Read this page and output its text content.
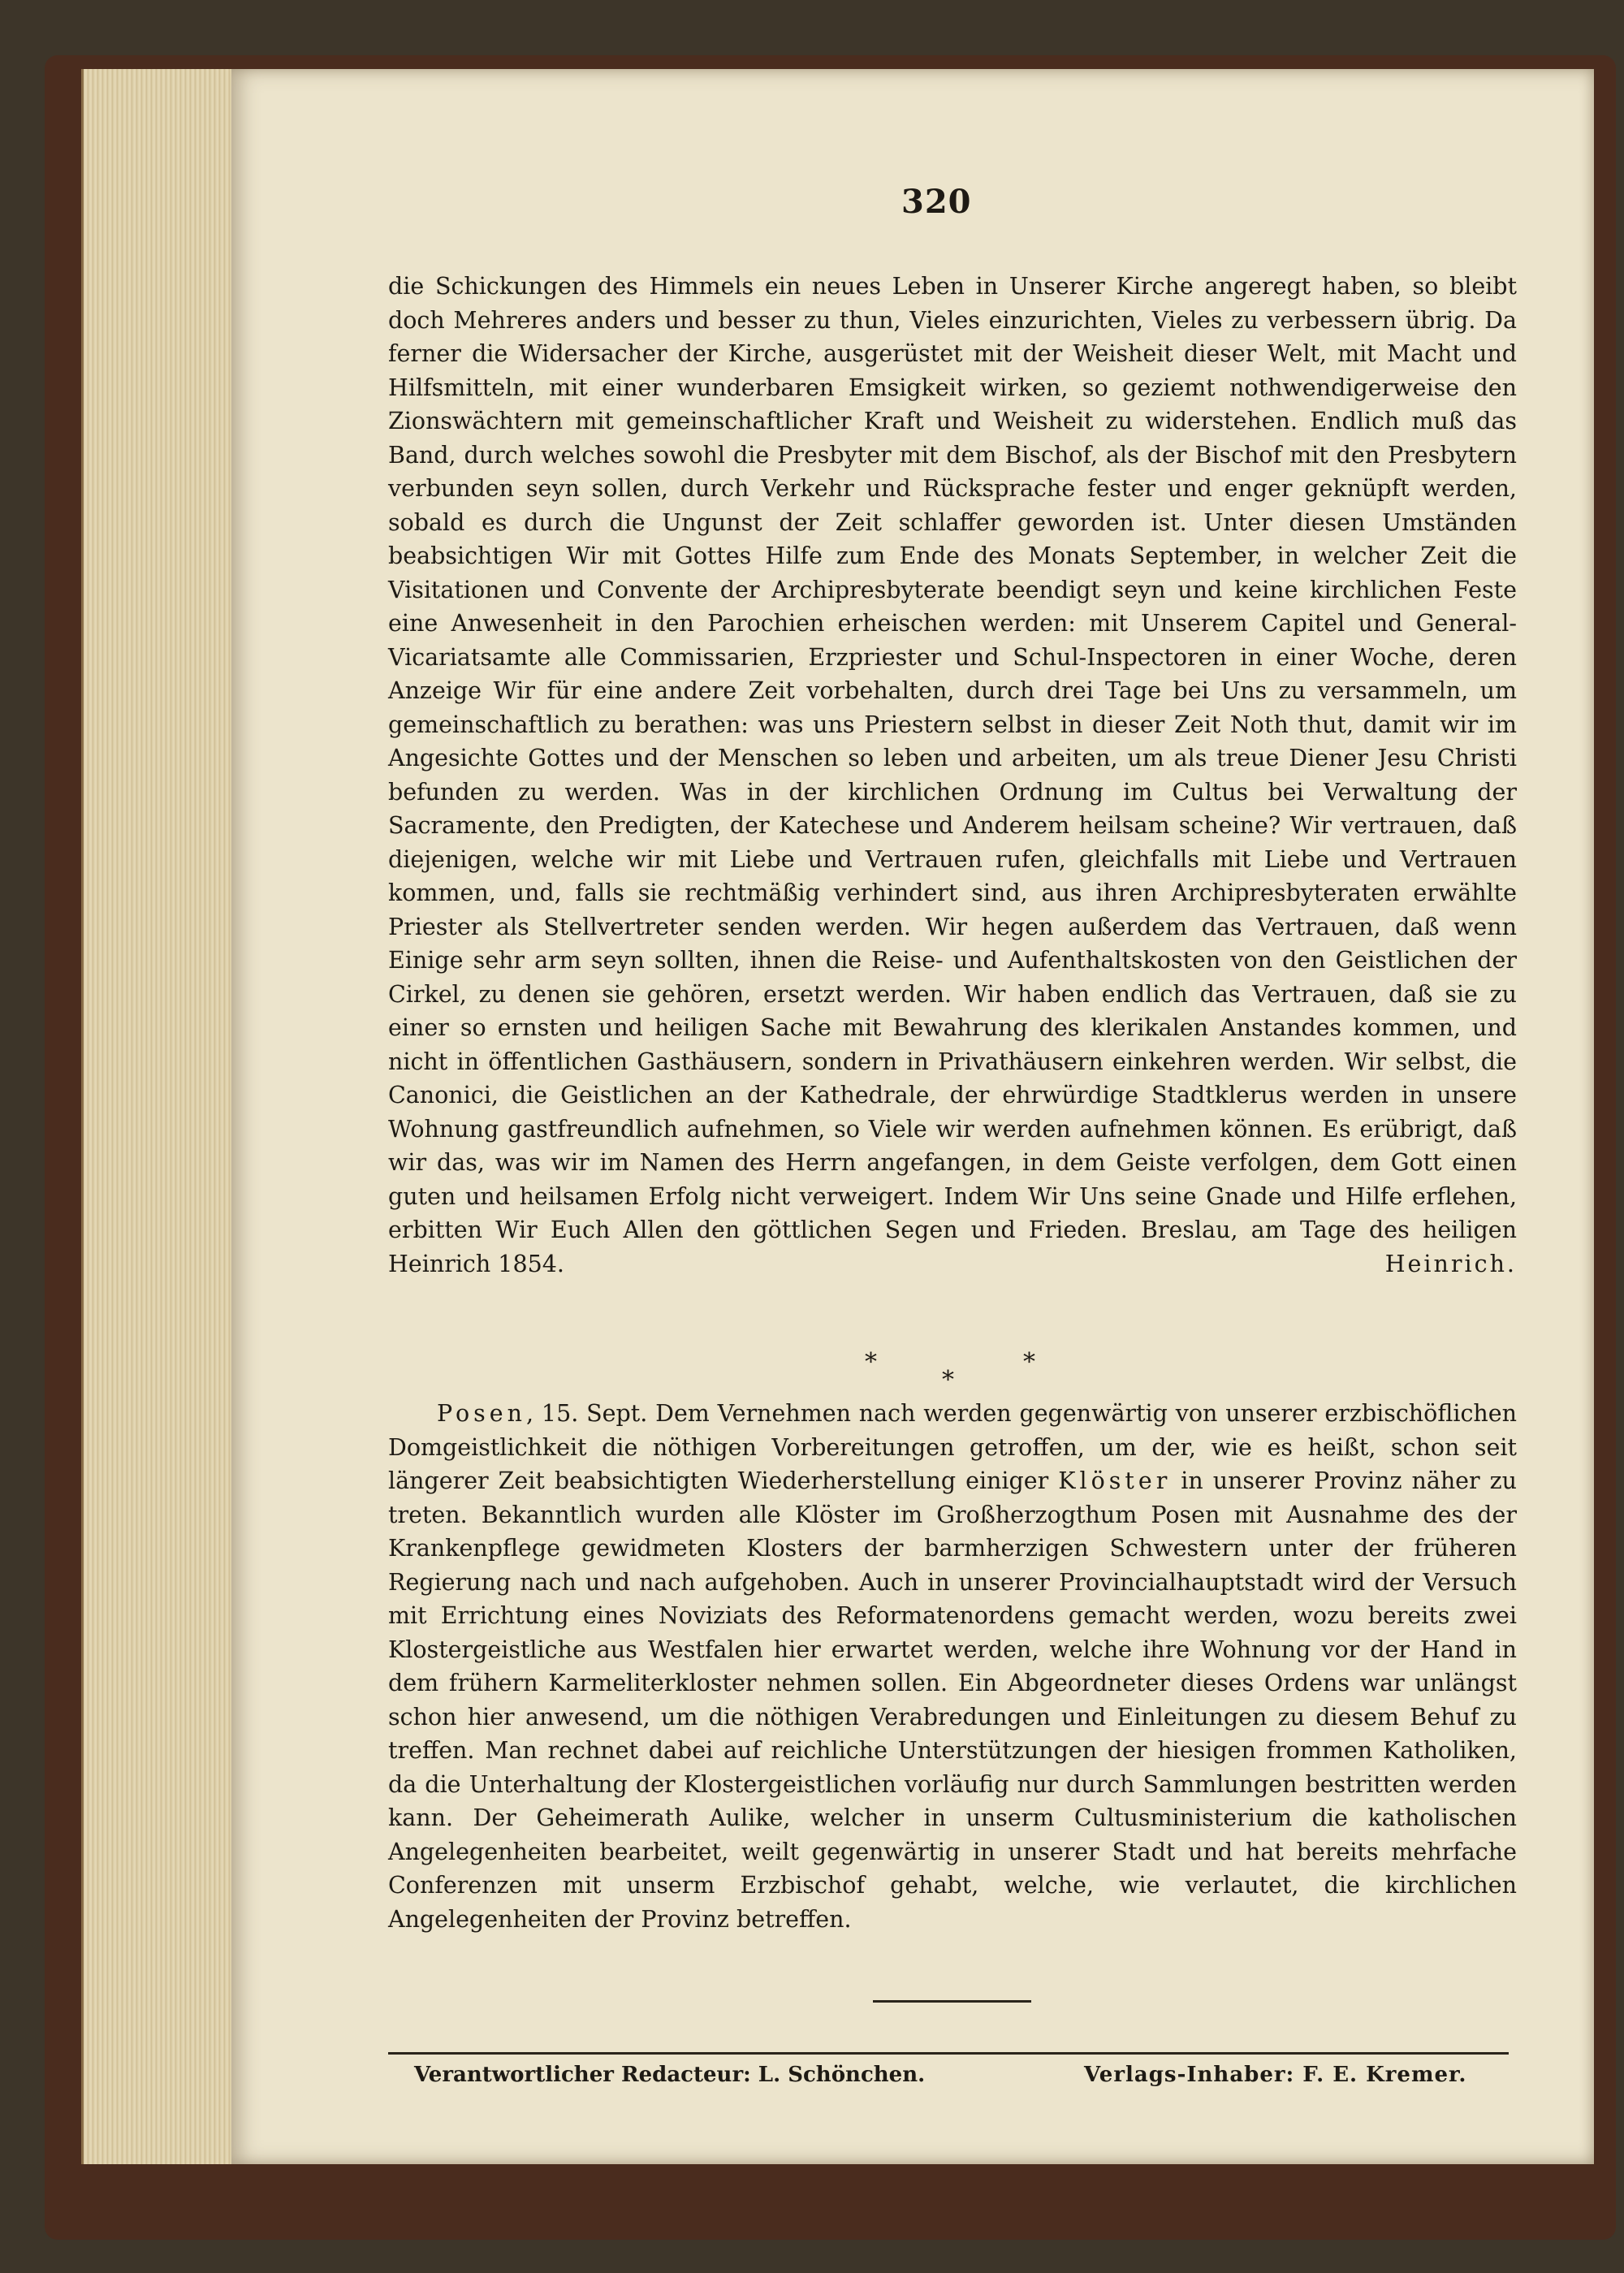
320

die Schickungen des Himmels ein neues Leben in Unserer Kirche angeregt haben, so bleibt doch Mehreres anders und besser zu thun, Vieles einzurichten, Vieles zu verbessern übrig. Da ferner die Widersacher der Kirche, ausgerüstet mit der Weisheit dieser Welt, mit Macht und Hilfsmitteln, mit einer wunderbaren Emsigkeit wirken, so geziemt nothwendigerweise den Zionswächtern mit gemeinschaftlicher Kraft und Weisheit zu widerstehen. Endlich muß das Band, durch welches sowohl die Presbyter mit dem Bischof, als der Bischof mit den Presbytern verbunden seyn sollen, durch Verkehr und Rücksprache fester und enger geknüpft werden, sobald es durch die Ungunst der Zeit schlaffer geworden ist. Unter diesen Umständen beabsichtigen Wir mit Gottes Hilfe zum Ende des Monats September, in welcher Zeit die Visitationen und Convente der Archipresbyterate beendigt seyn und keine kirchlichen Feste eine Anwesenheit in den Parochien erheischen werden: mit Unserem Capitel und General-Vicariatsamte alle Commissarien, Erzpriester und Schul-Inspectoren in einer Woche, deren Anzeige Wir für eine andere Zeit vorbehalten, durch drei Tage bei Uns zu versammeln, um gemeinschaftlich zu berathen: was uns Priestern selbst in dieser Zeit Noth thut, damit wir im Angesichte Gottes und der Menschen so leben und arbeiten, um als treue Diener Jesu Christi befunden zu werden. Was in der kirchlichen Ordnung im Cultus bei Verwaltung der Sacramente, den Predigten, der Katechese und Anderem heilsam scheine? Wir vertrauen, daß diejenigen, welche wir mit Liebe und Vertrauen rufen, gleichfalls mit Liebe und Vertrauen kommen, und, falls sie rechtmäßig verhindert sind, aus ihren Archipresbyteraten erwählte Priester als Stellvertreter senden werden. Wir hegen außerdem das Vertrauen, daß wenn Einige sehr arm seyn sollten, ihnen die Reise- und Aufenthaltskosten von den Geistlichen der Cirkel, zu denen sie gehören, ersetzt werden. Wir haben endlich das Vertrauen, daß sie zu einer so ernsten und heiligen Sache mit Bewahrung des klerikalen Anstandes kommen, und nicht in öffentlichen Gasthäusern, sondern in Privathäusern einkehren werden. Wir selbst, die Canonici, die Geistlichen an der Kathedrale, der ehrwürdige Stadtklerus werden in unsere Wohnung gastfreundlich aufnehmen, so Viele wir werden aufnehmen können. Es erübrigt, daß wir das, was wir im Namen des Herrn angefangen, in dem Geiste verfolgen, dem Gott einen guten und heilsamen Erfolg nicht verweigert. Indem Wir Uns seine Gnade und Hilfe erflehen, erbitten Wir Euch Allen den göttlichen Segen und Frieden. Breslau, am Tage des heiligen Heinrich 1854.	Heinrich.

*	*
*

Posen, 15. Sept. Dem Vernehmen nach werden gegenwärtig von unserer erzbischöflichen Domgeistlichkeit die nöthigen Vorbereitungen getroffen, um der, wie es heißt, schon seit längerer Zeit beabsichtigten Wiederherstellung einiger Klöster in unserer Provinz näher zu treten. Bekanntlich wurden alle Klöster im Großherzogthum Posen mit Ausnahme des der Krankenpflege gewidmeten Klosters der barmherzigen Schwestern unter der früheren Regierung nach und nach aufgehoben. Auch in unserer Provincialhauptstadt wird der Versuch mit Errichtung eines Noviziats des Reformatenordens gemacht werden, wozu bereits zwei Klostergeistliche aus Westfalen hier erwartet werden, welche ihre Wohnung vor der Hand in dem frühern Karmeliterkloster nehmen sollen. Ein Abgeordneter dieses Ordens war unlängst schon hier anwesend, um die nöthigen Verabredungen und Einleitungen zu diesem Behuf zu treffen. Man rechnet dabei auf reichliche Unterstützungen der hiesigen frommen Katholiken, da die Unterhaltung der Klostergeistlichen vorläufig nur durch Sammlungen bestritten werden kann. Der Geheimerath Aulike, welcher in unserm Cultusministerium die katholischen Angelegenheiten bearbeitet, weilt gegenwärtig in unserer Stadt und hat bereits mehrfache Conferenzen mit unserm Erzbischof gehabt, welche, wie verlautet, die kirchlichen Angelegenheiten der Provinz betreffen.

Verantwortlicher Redacteur: L. Schönchen.	Verlags-Inhaber: F. E. Kremer.
